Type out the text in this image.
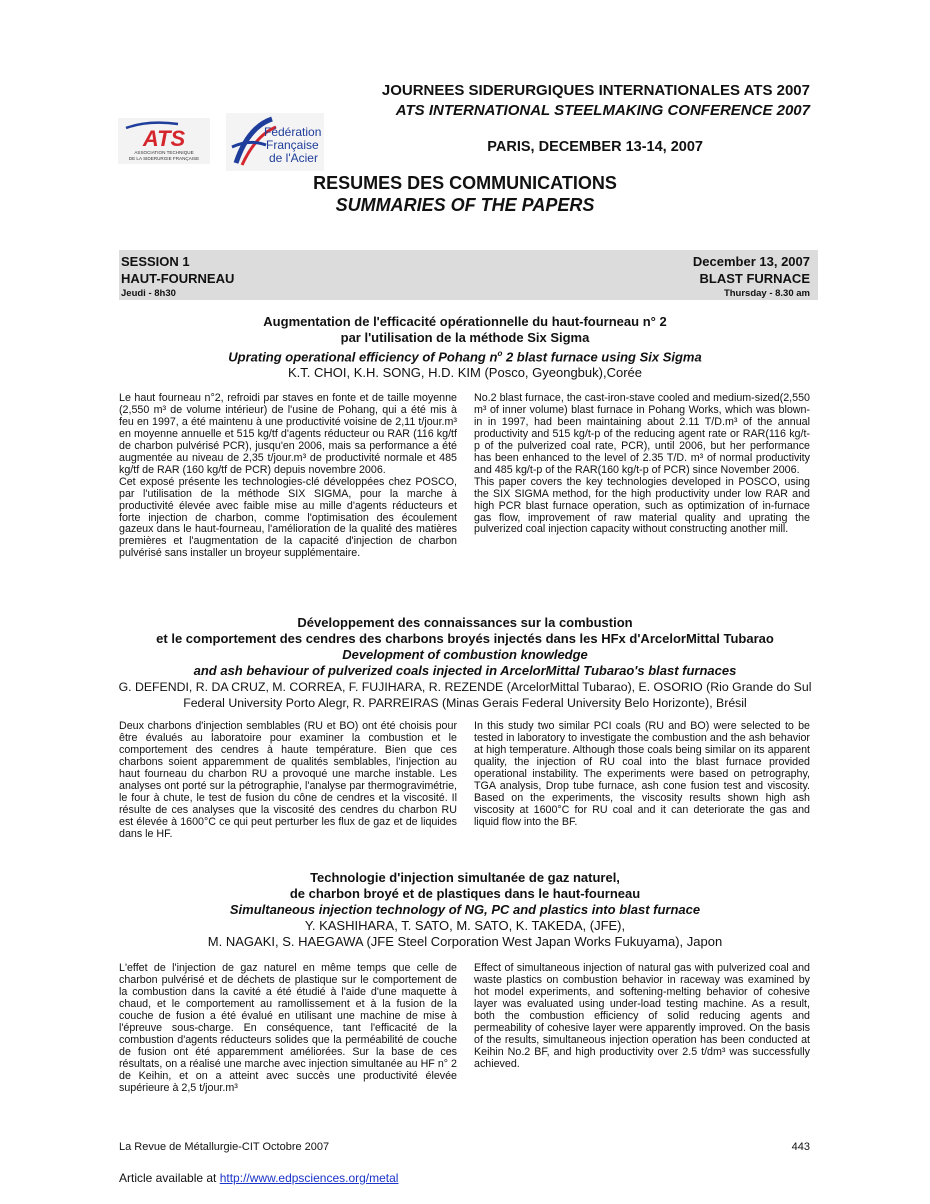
JOURNEES SIDERURGIQUES INTERNATIONALES ATS 2007
ATS INTERNATIONAL STEELMAKING CONFERENCE 2007
ATS
ASSOCIATION TECHNIQUE
DE LA SIDERURGIE FRANÇAISE
Fédération
Française
de l'Acier
PARIS, DECEMBER 13-14, 2007
RESUMES DES COMMUNICATIONS
SUMMARIES OF THE PAPERS
SESSION 1
HAUT-FOURNEAU
Jeudi - 8h30
December 13, 2007
BLAST FURNACE
Thursday - 8.30 am
Augmentation de l'efficacité opérationnelle du haut-fourneau n° 2
par l'utilisation de la méthode Six Sigma
Uprating operational efficiency of Pohang $n^o$ 2 blast furnace using Six Sigma
K.T. CHOI, K.H. SONG, H.D. KIM (Posco, Gyeongbuk),Corée

Le haut fourneau n°2, refroidi par staves en fonte et de taille moyenne (2,550 m³ de volume intérieur) de l'usine de Pohang, qui a été mis à feu en 1997, a été maintenu à une productivité voisine de 2,11 t/jour.m³ en moyenne annuelle et 515 kg/tf d'agents réducteur ou RAR (116 kg/tf de charbon pulvérisé PCR), jusqu'en 2006, mais sa performance a été augmentée au niveau de 2,35 t/jour.m³ de productivité normale et 485 kg/tf de RAR (160 kg/tf de PCR) depuis novembre 2006.

Cet exposé présente les technologies-clé développées chez POSCO, par l'utilisation de la méthode SIX SIGMA, pour la marche à productivité élevée avec faible mise au mille d'agents réducteurs et forte injection de charbon, comme l'optimisation des écoulement gazeux dans le haut-fourneau, l'amélioration de la qualité des matières premières et l'augmentation de la capacité d'injection de charbon pulvérisé sans installer un broyeur supplémentaire.

No.2 blast furnace, the cast-iron-stave cooled and medium-sized(2,550 m³ of inner volume) blast furnace in Pohang Works, which was blown-in in 1997, had been maintaining about 2.11 T/D.m³ of the annual productivity and 515 kg/t-p of the reducing agent rate or RAR(116 kg/t-p of the pulverized coal rate, PCR), until 2006, but her performance has been enhanced to the level of 2.35 T/D. m³ of normal productivity and 485 kg/t-p of the RAR(160 kg/t-p of PCR) since November 2006.

This paper covers the key technologies developed in POSCO, using the SIX SIGMA method, for the high productivity under low RAR and high PCR blast furnace operation, such as optimization of in-furnace gas flow, improvement of raw material quality and uprating the pulverized coal injection capacity without constructing another mill.

Développement des connaissances sur la combustion
et le comportement des cendres des charbons broyés injectés dans les HFx d'ArcelorMittal Tubarao
Development of combustion knowledge
and ash behaviour of pulverized coals injected in ArcelorMittal Tubarao's blast furnaces
G. DEFENDI, R. DA CRUZ, M. CORREA, F. FUJIHARA, R. REZENDE (ArcelorMittal Tubarao), E. OSORIO (Rio Grande do Sul
Federal University Porto Alegr, R. PARREIRAS (Minas Gerais Federal University Belo Horizonte), Brésil

Deux charbons d'injection semblables (RU et BO) ont été choisis pour être évalués au laboratoire pour examiner la combustion et le comportement des cendres à haute température. Bien que ces charbons soient apparemment de qualités semblables, l'injection au haut fourneau du charbon RU a provoqué une marche instable. Les analyses ont porté sur la pétrographie, l'analyse par thermogravimétrie, le four à chute, le test de fusion du cône de cendres et la viscosité. Il résulte de ces analyses que la viscosité des cendres du charbon RU est élevée à 1600°C ce qui peut perturber les flux de gaz et de liquides dans le HF.

In this study two similar PCI coals (RU and BO) were selected to be tested in laboratory to investigate the combustion and the ash behavior at high temperature. Although those coals being similar on its apparent quality, the injection of RU coal into the blast furnace provided operational instability. The experiments were based on petrography, TGA analysis, Drop tube furnace, ash cone fusion test and viscosity. Based on the experiments, the viscosity results shown high ash viscosity at 1600°C for RU coal and it can deteriorate the gas and liquid flow into the BF.

Technologie d'injection simultanée de gaz naturel,
de charbon broyé et de plastiques dans le haut-fourneau
Simultaneous injection technology of NG, PC and plastics into blast furnace
Y. KASHIHARA, T. SATO, M. SATO, K. TAKEDA, (JFE),
M. NAGAKI, S. HAEGAWA (JFE Steel Corporation West Japan Works Fukuyama), Japon

L'effet de l'injection de gaz naturel en même temps que celle de charbon pulvérisé et de déchets de plastique sur le comportement de la combustion dans la cavité a été étudié à l'aide d'une maquette à chaud, et le comportement au ramollissement et à la fusion de la couche de fusion a été évalué en utilisant une machine de mise à l'épreuve sous-charge. En conséquence, tant l'efficacité de la combustion d'agents réducteurs solides que la perméabilité de couche de fusion ont été apparemment améliorées. Sur la base de ces résultats, on a réalisé une marche avec injection simultanée au HF n° 2 de Keihin, et on a atteint avec succès une productivité élevée supérieure à 2,5 t/jour.m³

Effect of simultaneous injection of natural gas with pulverized coal and waste plastics on combustion behavior in raceway was examined by hot model experiments, and softening-melting behavior of cohesive layer was evaluated using under-load testing machine. As a result, both the combustion efficiency of solid reducing agents and permeability of cohesive layer were apparently improved. On the basis of the results, simultaneous injection operation has been conducted at Keihin No.2 BF, and high productivity over 2.5 t/dm³ was successfully achieved.

La Revue de Métallurgie-CIT Octobre 2007	443
Article available at http://www.edpsciences.org/metal
